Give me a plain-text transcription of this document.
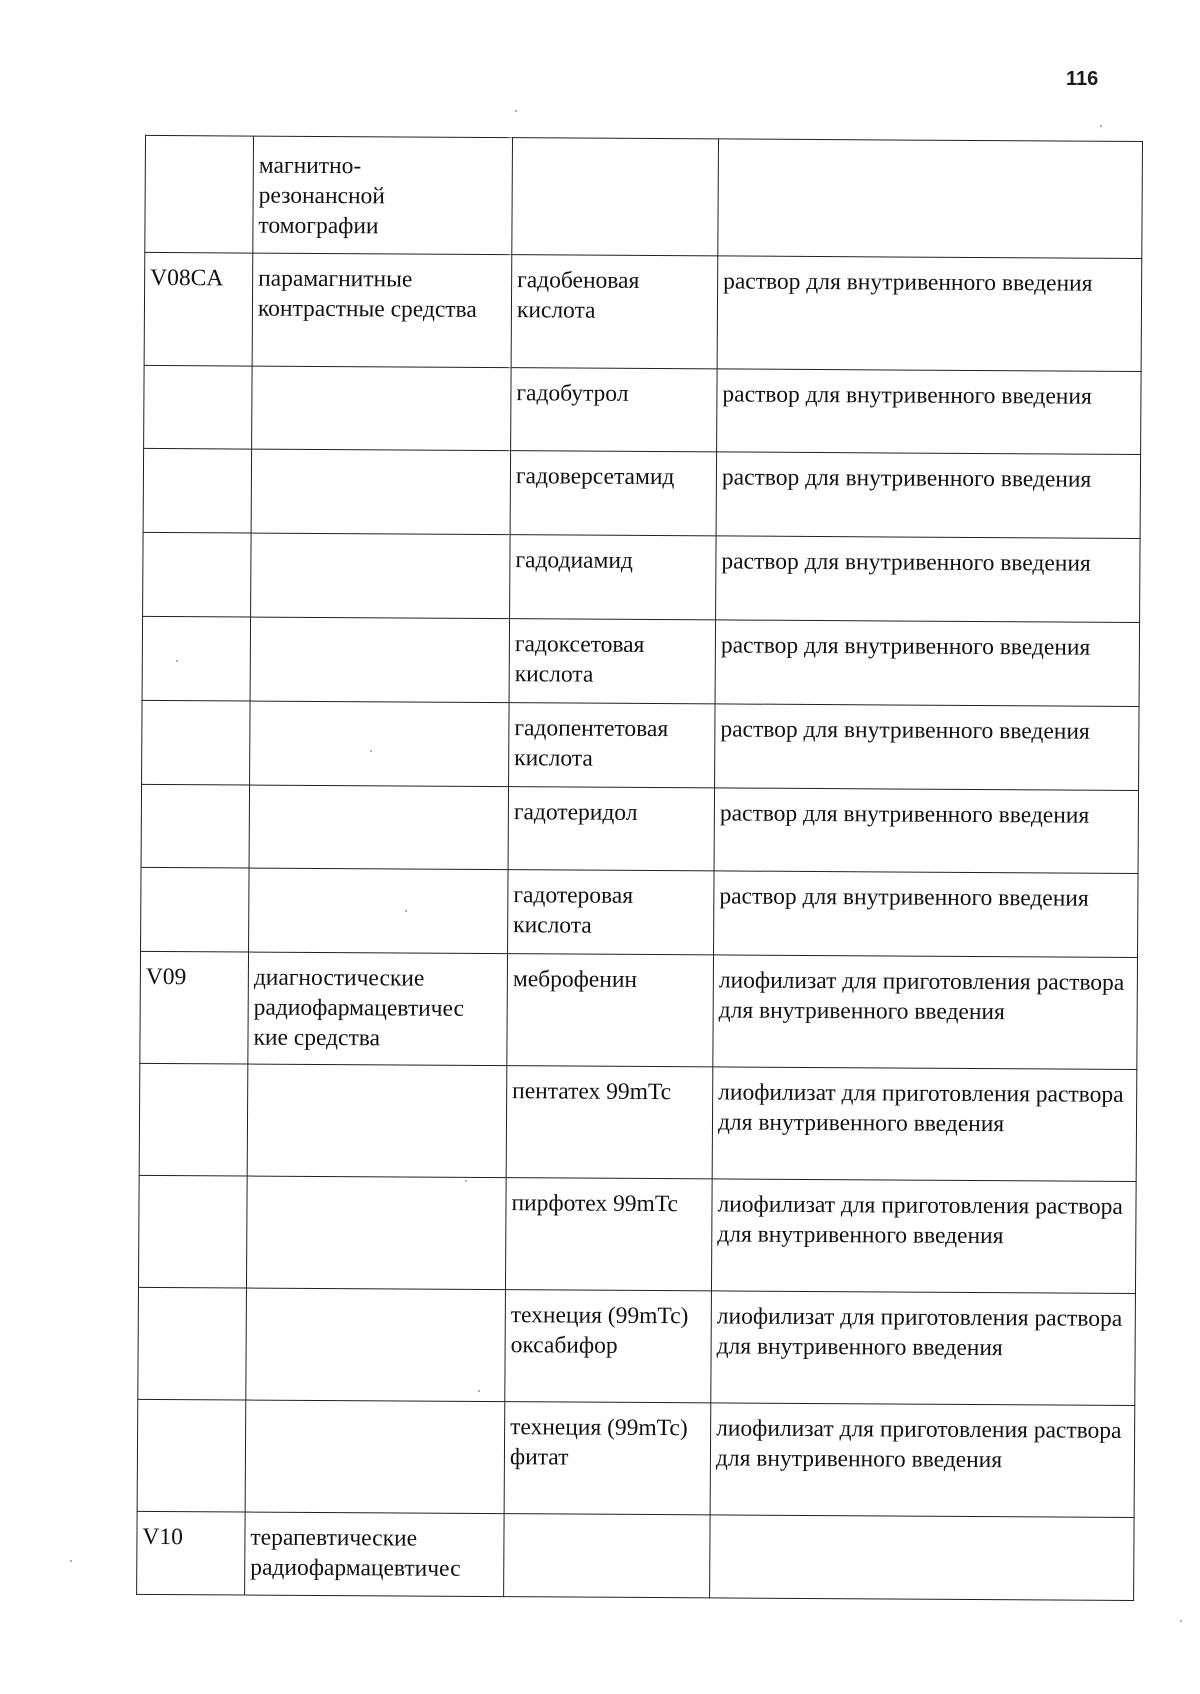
116
	магнитно-
резонансной
томографии		
V08CA	парамагнитные контрастные средства	гадобеновая кислота	раствор для внутривенного введения
		гадобутрол	раствор для внутривенного введения
		гадоверсетамид	раствор для внутривенного введения
		гадодиамид	раствор для внутривенного введения
		гадоксетовая кислота	раствор для внутривенного введения
		гадопентетовая кислота	раствор для внутривенного введения
		гадотеридол	раствор для внутривенного введения
		гадотеровая кислота	раствор для внутривенного введения
V09	диагностические радиофармацевтичес кие средства	меброфенин	лиофилизат для приготовления раствора для внутривенного введения
		пентатех 99mTc	лиофилизат для приготовления раствора для внутривенного введения
		пирфотех 99mTc	лиофилизат для приготовления раствора для внутривенного введения
		технеция (99mTc) оксабифор	лиофилизат для приготовления раствора для внутривенного введения
		технеция (99mTc) фитат	лиофилизат для приготовления раствора для внутривенного введения
V10	терапевтические радиофармацевтичес		
